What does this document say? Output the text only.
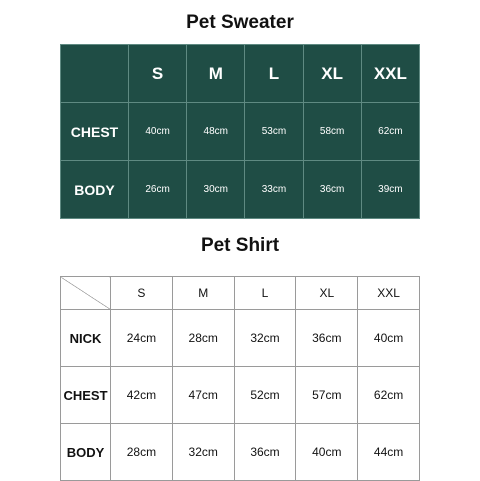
Pet Sweater
	S	M	L	XL	XXL
CHEST	40cm	48cm	53cm	58cm	62cm
BODY	26cm	30cm	33cm	36cm	39cm
Pet Shirt
	S	M	L	XL	XXL
NICK	24cm	28cm	32cm	36cm	40cm
CHEST	42cm	47cm	52cm	57cm	62cm
BODY	28cm	32cm	36cm	40cm	44cm
